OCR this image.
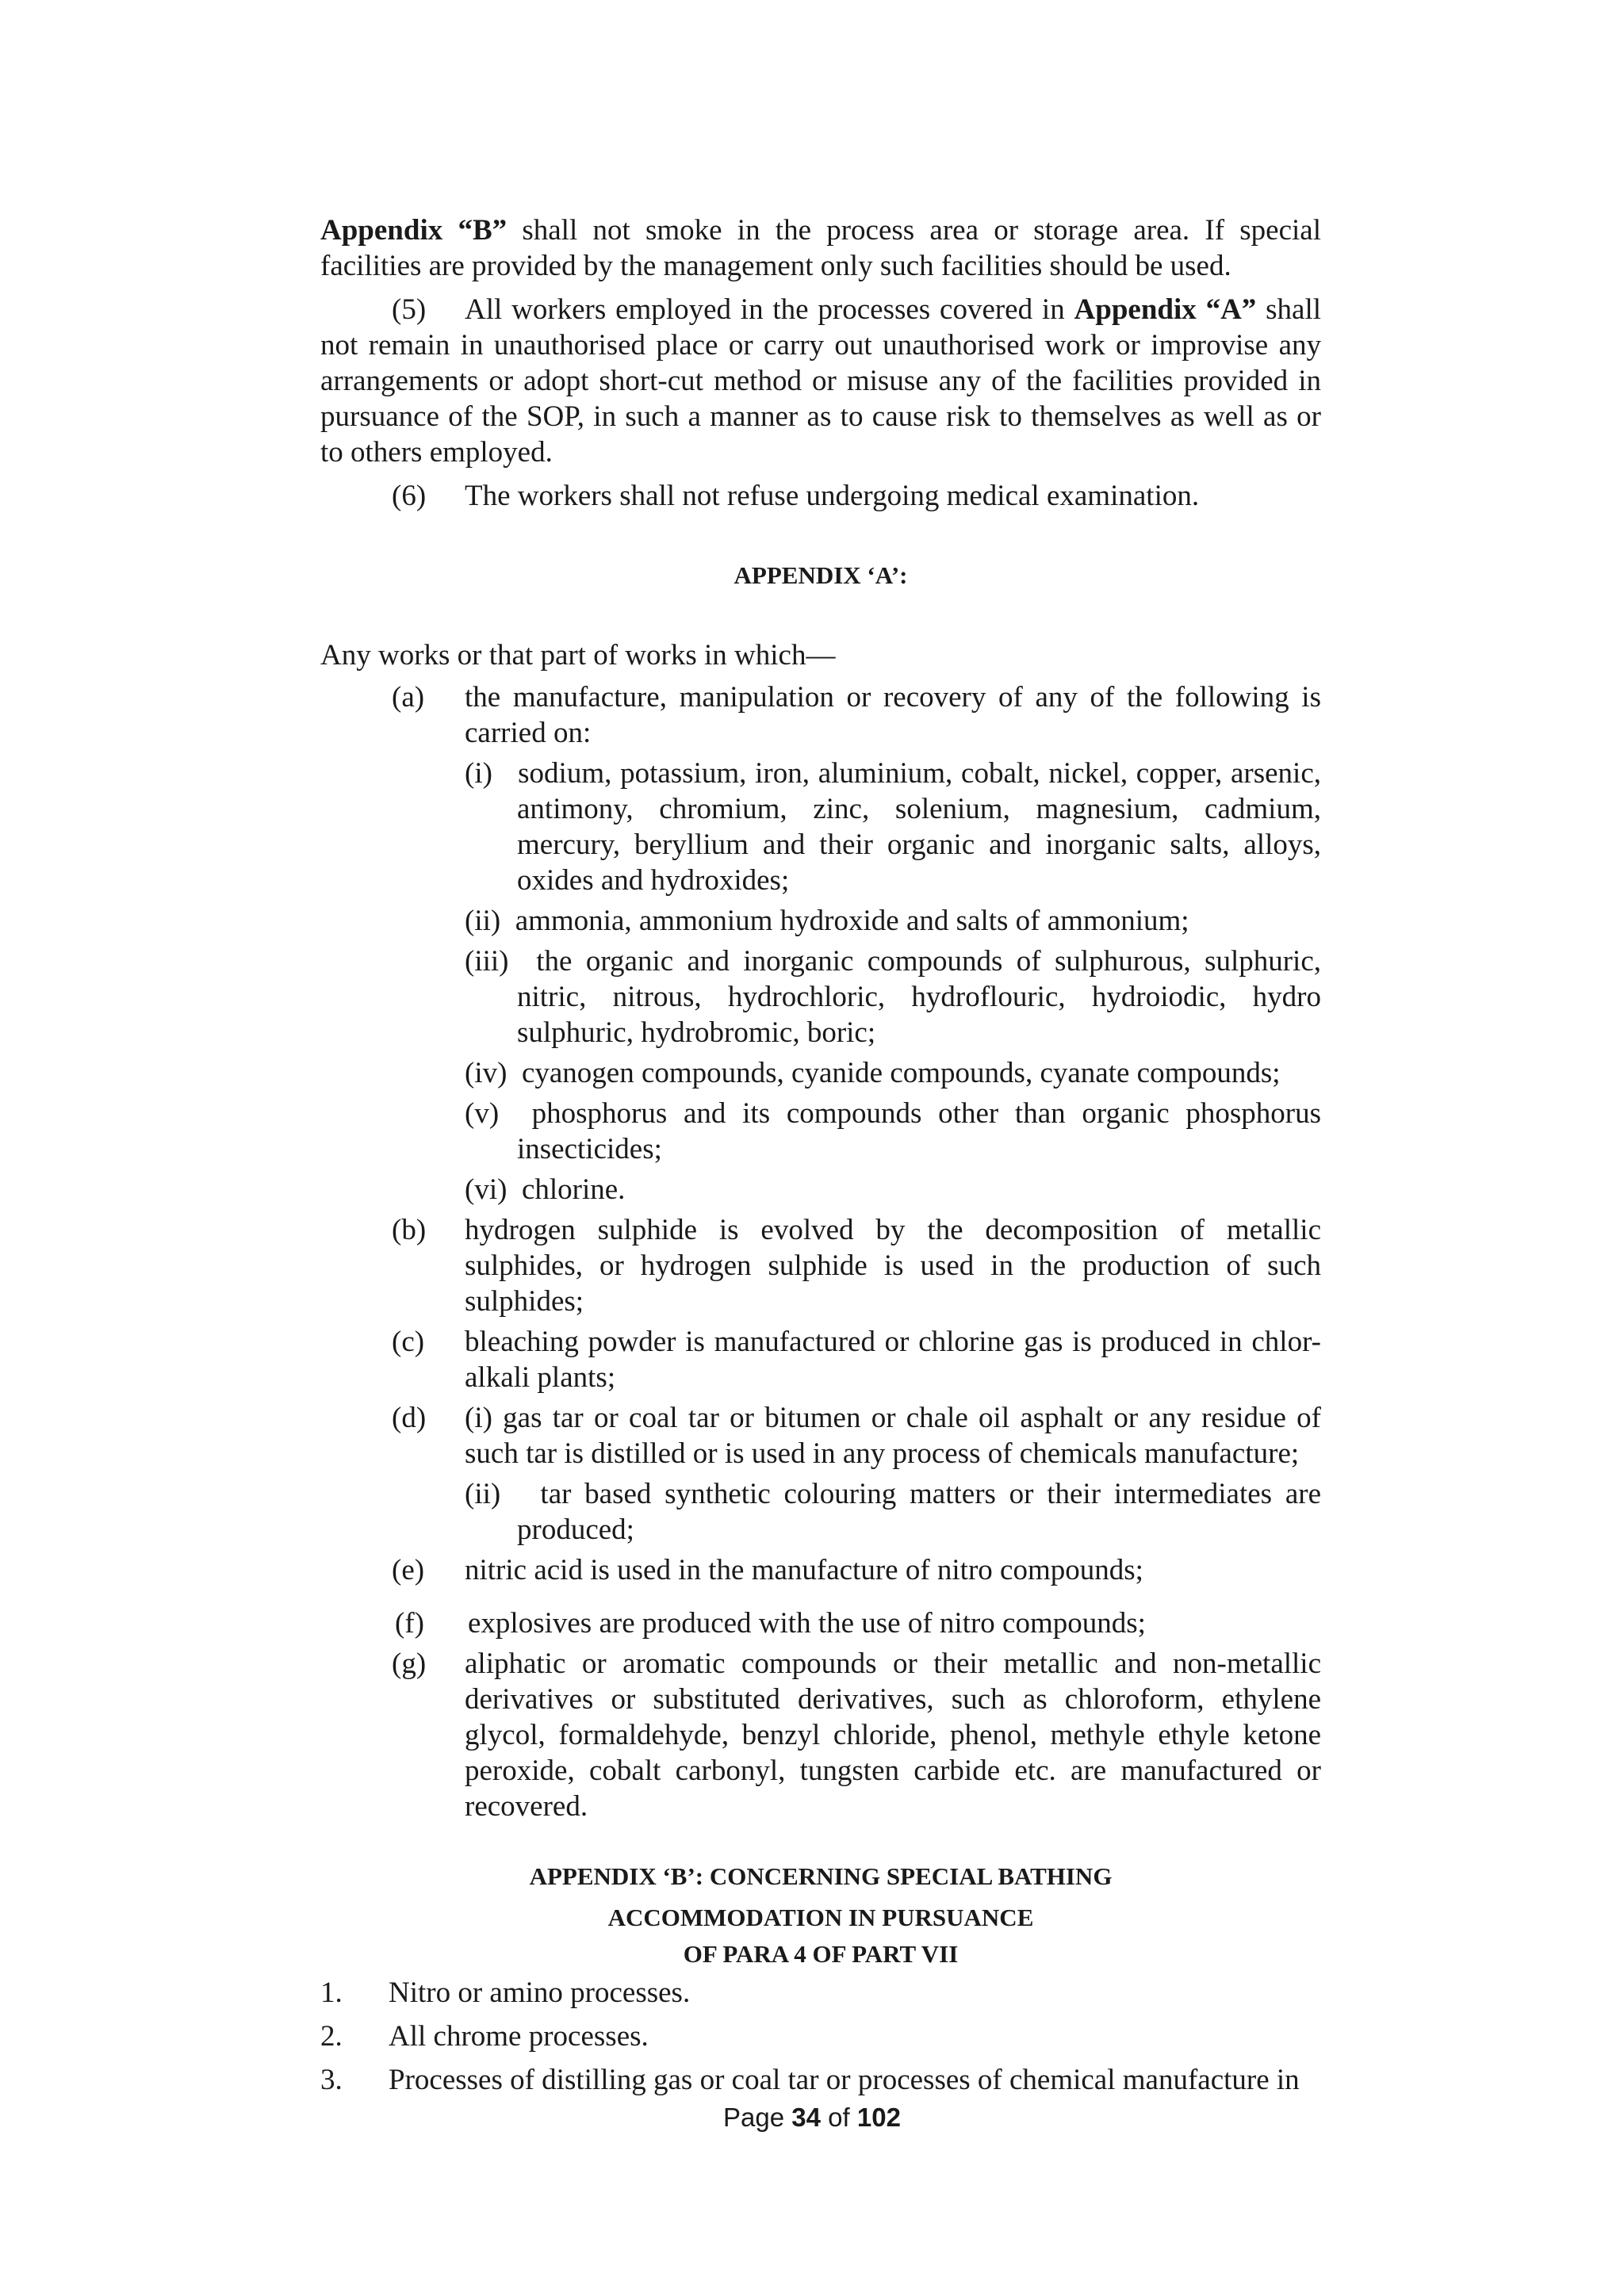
Appendix “B” shall not smoke in the process area or storage area. If special facilities are provided by the management only such facilities should be used.

(5) All workers employed in the processes covered in Appendix “A” shall not remain in unauthorised place or carry out unauthorised work or improvise any arrangements or adopt short-cut method or misuse any of the facilities provided in pursuance of the SOP, in such a manner as to cause risk to themselves as well as or to others employed.

(6) The workers shall not refuse undergoing medical examination.

APPENDIX ‘A’:

Any works or that part of works in which—

(a)	the manufacture, manipulation or recovery of any of the following is carried on:
(i)   sodium, potassium, iron, aluminium, cobalt, nickel, copper, arsenic, antimony, chromium, zinc, solenium, magnesium, cadmium, mercury, beryllium and their organic and inorganic salts, alloys, oxides and hydroxides;
(ii)  ammonia, ammonium hydroxide and salts of ammonium;
(iii)  the organic and inorganic compounds of sulphurous, sulphuric, nitric, nitrous, hydrochloric, hydroflouric, hydroiodic, hydro sulphuric, hydrobromic, boric;
(iv)  cyanogen compounds, cyanide compounds, cyanate compounds;
(v)  phosphorus and its compounds other than organic phosphorus insecticides;
(vi)  chlorine.
(b)	hydrogen sulphide is evolved by the decomposition of metallic sulphides, or hydrogen sulphide is used in the production of such sulphides;
(c)	bleaching powder is manufactured or chlorine gas is produced in chlor-alkali plants;
(d)	(i) gas tar or coal tar or bitumen or chale oil asphalt or any residue of such tar is distilled or is used in any process of chemicals manufacture;
(ii)   tar based synthetic colouring matters or their intermediates are produced;
(e)	nitric acid is used in the manufacture of nitro compounds;
(f)	explosives are produced with the use of nitro compounds;
(g)	aliphatic or aromatic compounds or their metallic and non-metallic derivatives or substituted derivatives, such as chloroform, ethylene glycol, formaldehyde, benzyl chloride, phenol, methyle ethyle ketone peroxide, cobalt carbonyl, tungsten carbide etc. are manufactured or recovered.
APPENDIX ‘B’: CONCERNING SPECIAL BATHING
ACCOMMODATION IN PURSUANCE
OF PARA 4 OF PART VII
1.	Nitro or amino processes.
2.	All chrome processes.
3.	Processes of distilling gas or coal tar or processes of chemical manufacture in
Page 34 of 102
